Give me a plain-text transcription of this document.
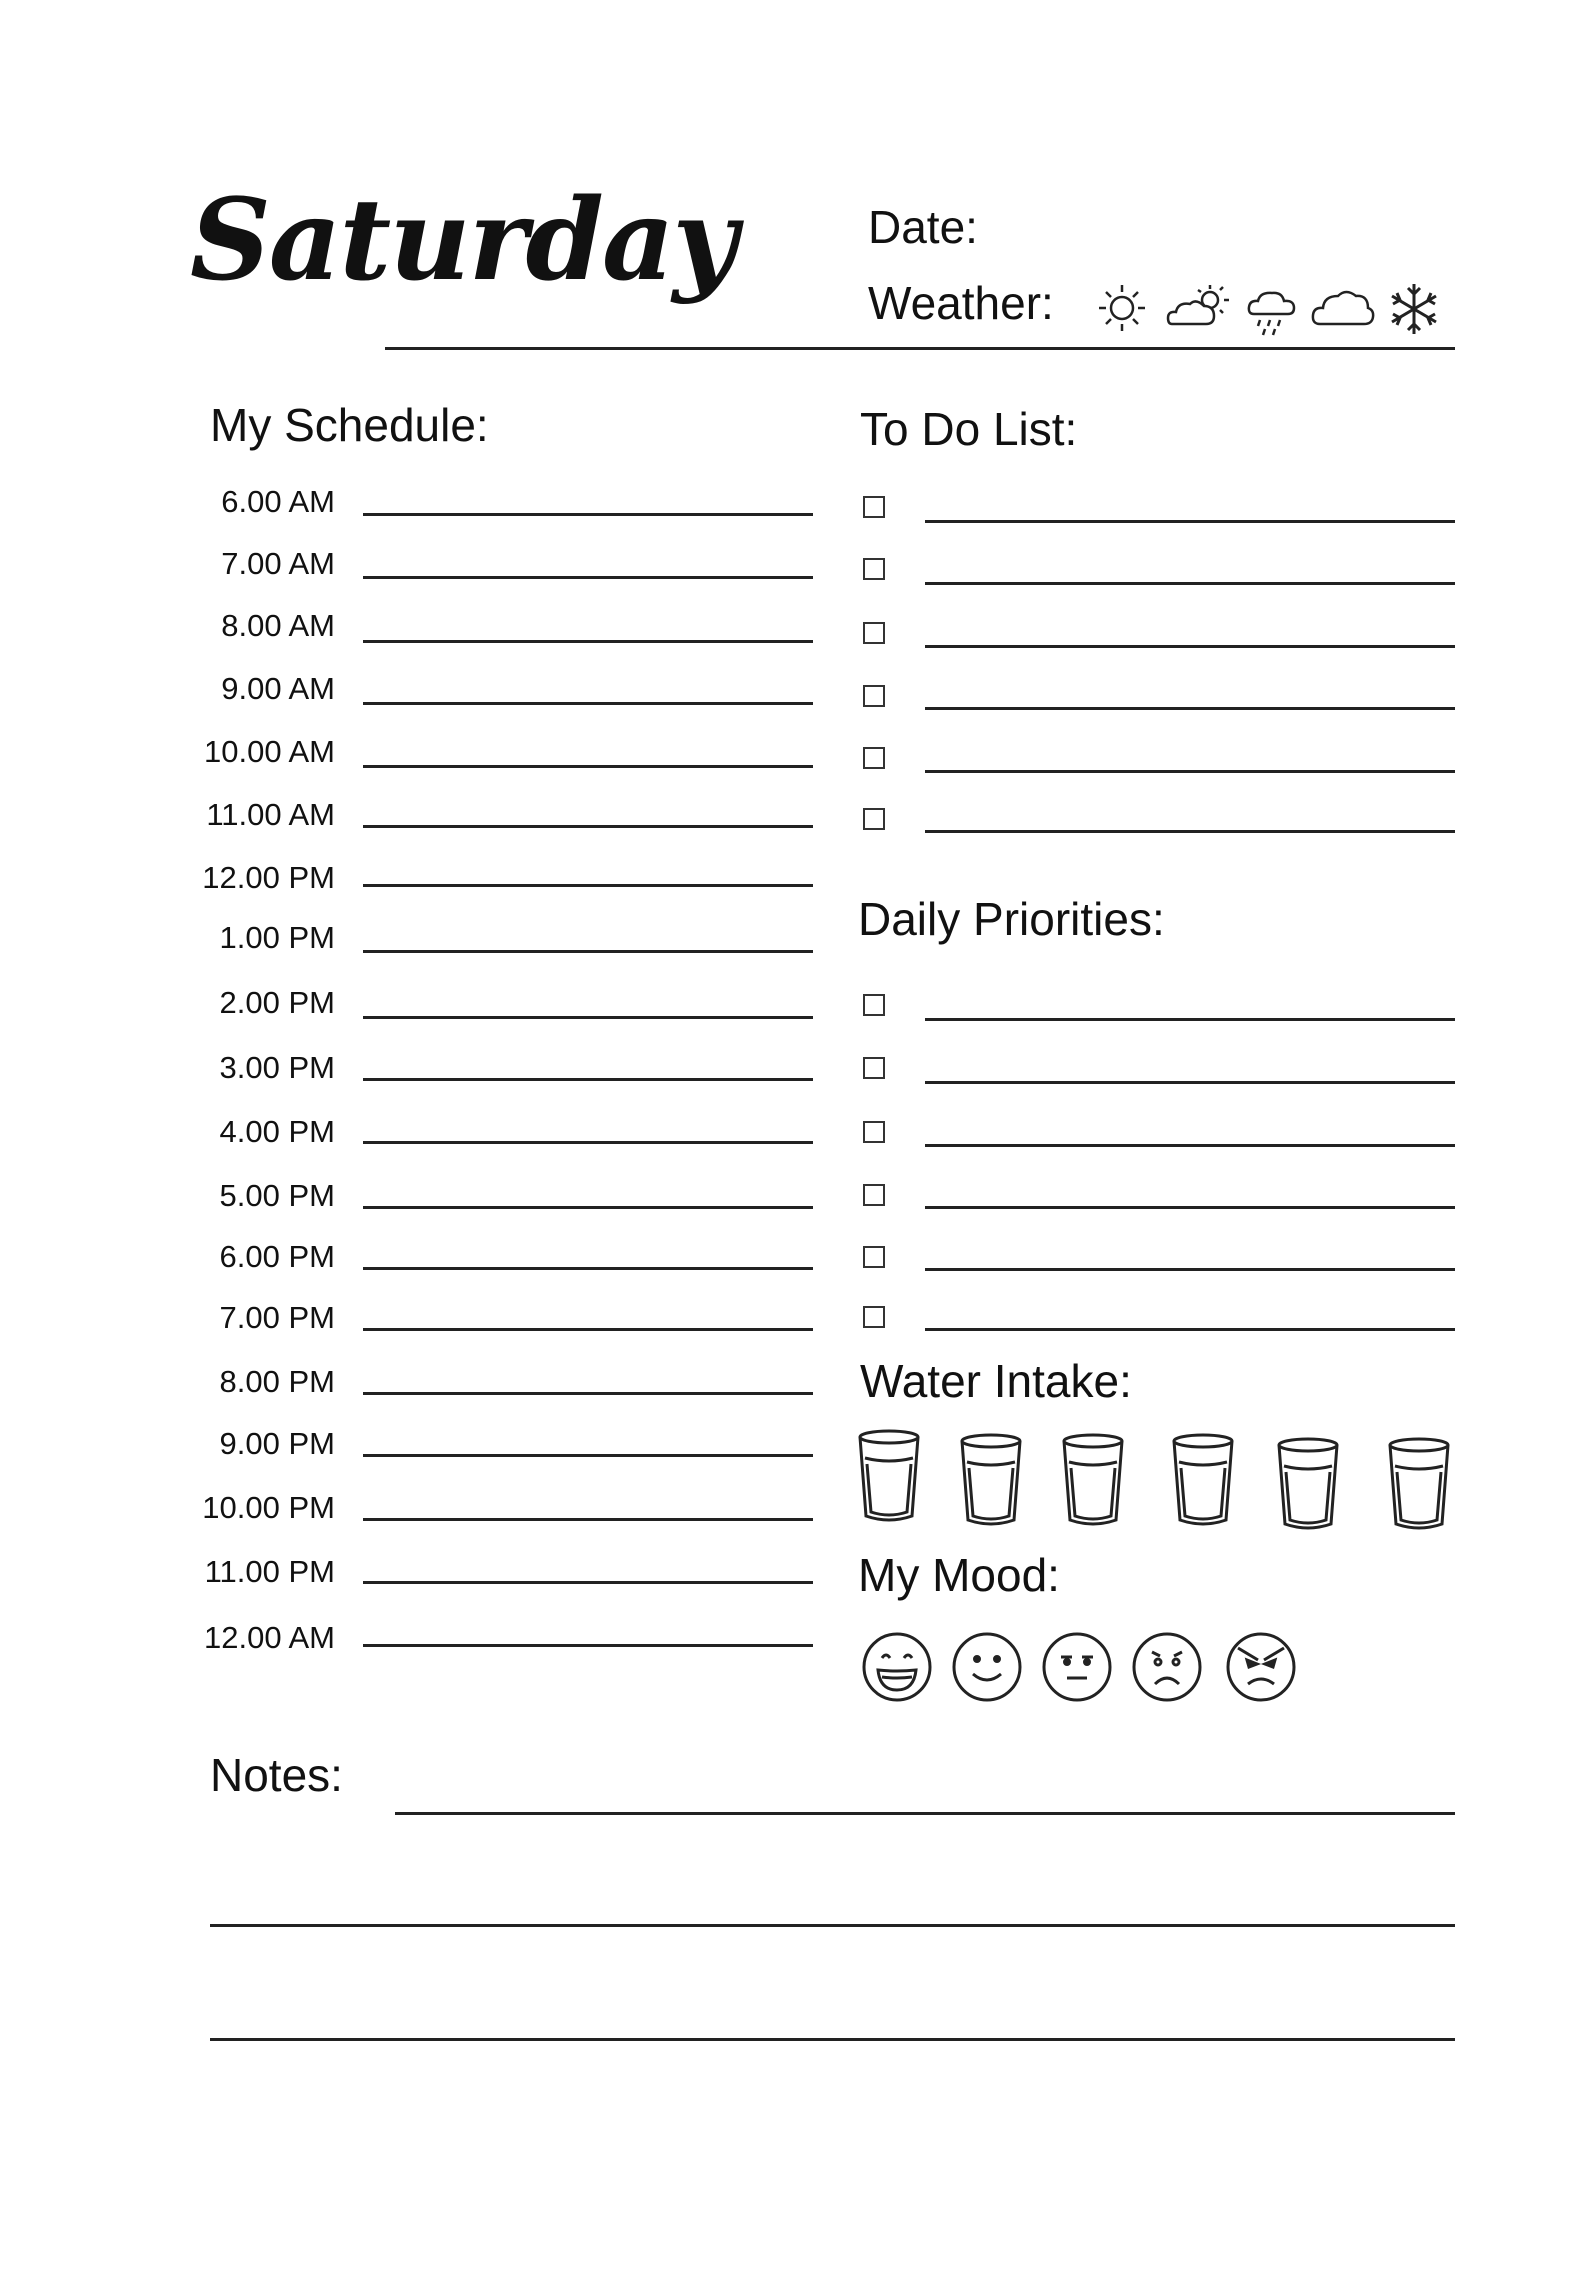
Saturday	Date:
Weather:
My Schedule:	To Do List:
Daily Priorities:
Water Intake:
My Mood:
Notes:
6.00 AM
7.00 AM
8.00 AM
9.00 AM
10.00 AM
11.00 AM
12.00 PM
1.00 PM
2.00 PM
3.00 PM
4.00 PM
5.00 PM
6.00 PM
7.00 PM
8.00 PM
9.00 PM
10.00 PM
11.00 PM
12.00 AM
